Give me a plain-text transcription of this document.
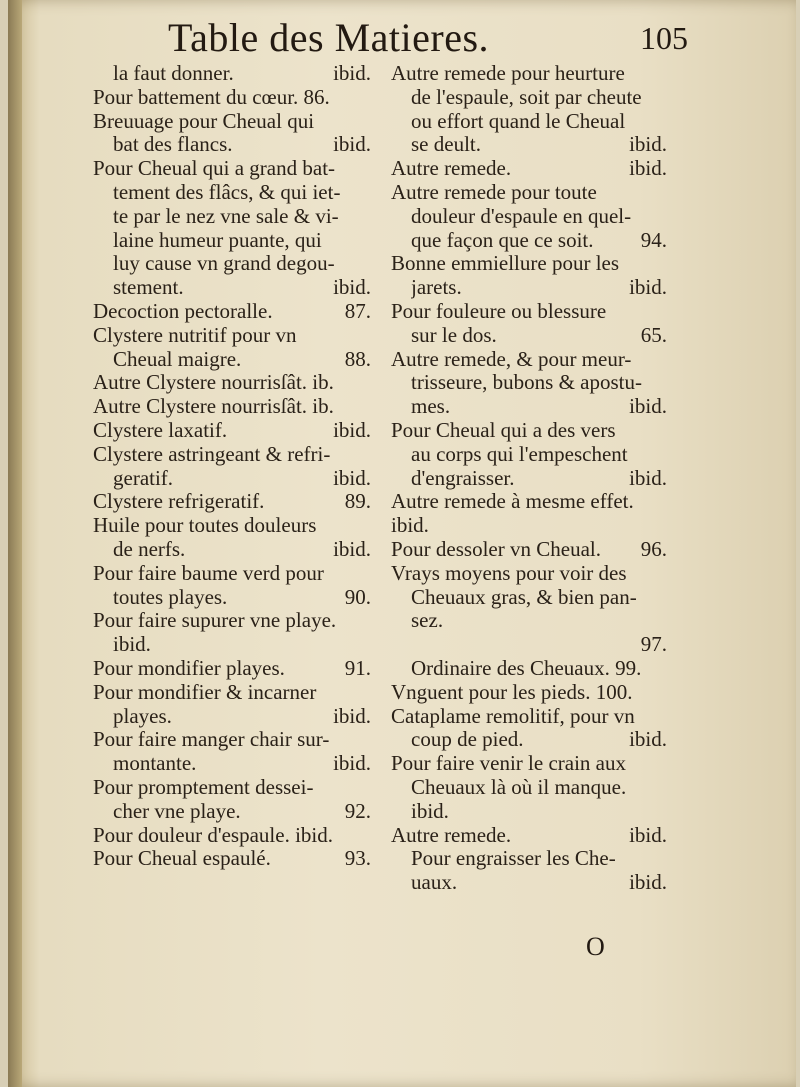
Table des Matieres.	105
la faut donner.	ibid.
Pour battement du cœur. 86.
Breuuage pour Cheual qui
bat des flancs.	ibid.
Pour Cheual qui a grand bat-
tement des flâcs, & qui iet-
te par le nez vne sale & vi-
laine humeur puante, qui
luy cause vn grand degou-
stement.	ibid.
Decoction pectoralle.	87.
Clystere nutritif pour vn
Cheual maigre.	88.
Autre Clystere nourrisſât. ib.
Autre Clystere nourrisſât. ib.
Clystere laxatif.	ibid.
Clystere astringeant & refri-
geratif.	ibid.
Clystere refrigeratif.	89.
Huile pour toutes douleurs
de nerfs.	ibid.
Pour faire baume verd pour
toutes playes.	90.
Pour faire supurer vne playe.
ibid.
Pour mondifier playes.	91.
Pour mondifier & incarner
playes.	ibid.
Pour faire manger chair sur-
montante.	ibid.
Pour promptement dessei-
cher vne playe.	92.
Pour douleur d'espaule. ibid.
Pour Cheual espaulé.	93.
Autre remede pour heurture
de l'espaule, soit par cheute
ou effort quand le Cheual
se deult.	ibid.
Autre remede.	ibid.
Autre remede pour toute
douleur d'espaule en quel-
que façon que ce soit.	94.
Bonne emmiellure pour les
jarets.	ibid.
Pour fouleure ou blessure
sur le dos.	65.
Autre remede, & pour meur-
trisseure, bubons & apostu-
mes.	ibid.
Pour Cheual qui a des vers
au corps qui l'empeschent
d'engraisser.	ibid.
Autre remede à mesme effet.
ibid.
Pour dessoler vn Cheual.	96.
Vrays moyens pour voir des
Cheuaux gras, & bien pan-
sez.
97.
Ordinaire des Cheuaux. 99.
Vnguent pour les pieds. 100.
Cataplame remolitif, pour vn
coup de pied.	ibid.
Pour faire venir le crain aux
Cheuaux là où il manque.
ibid.
Autre remede.	ibid.
Pour engraisser les Che-
uaux.	ibid.
O
